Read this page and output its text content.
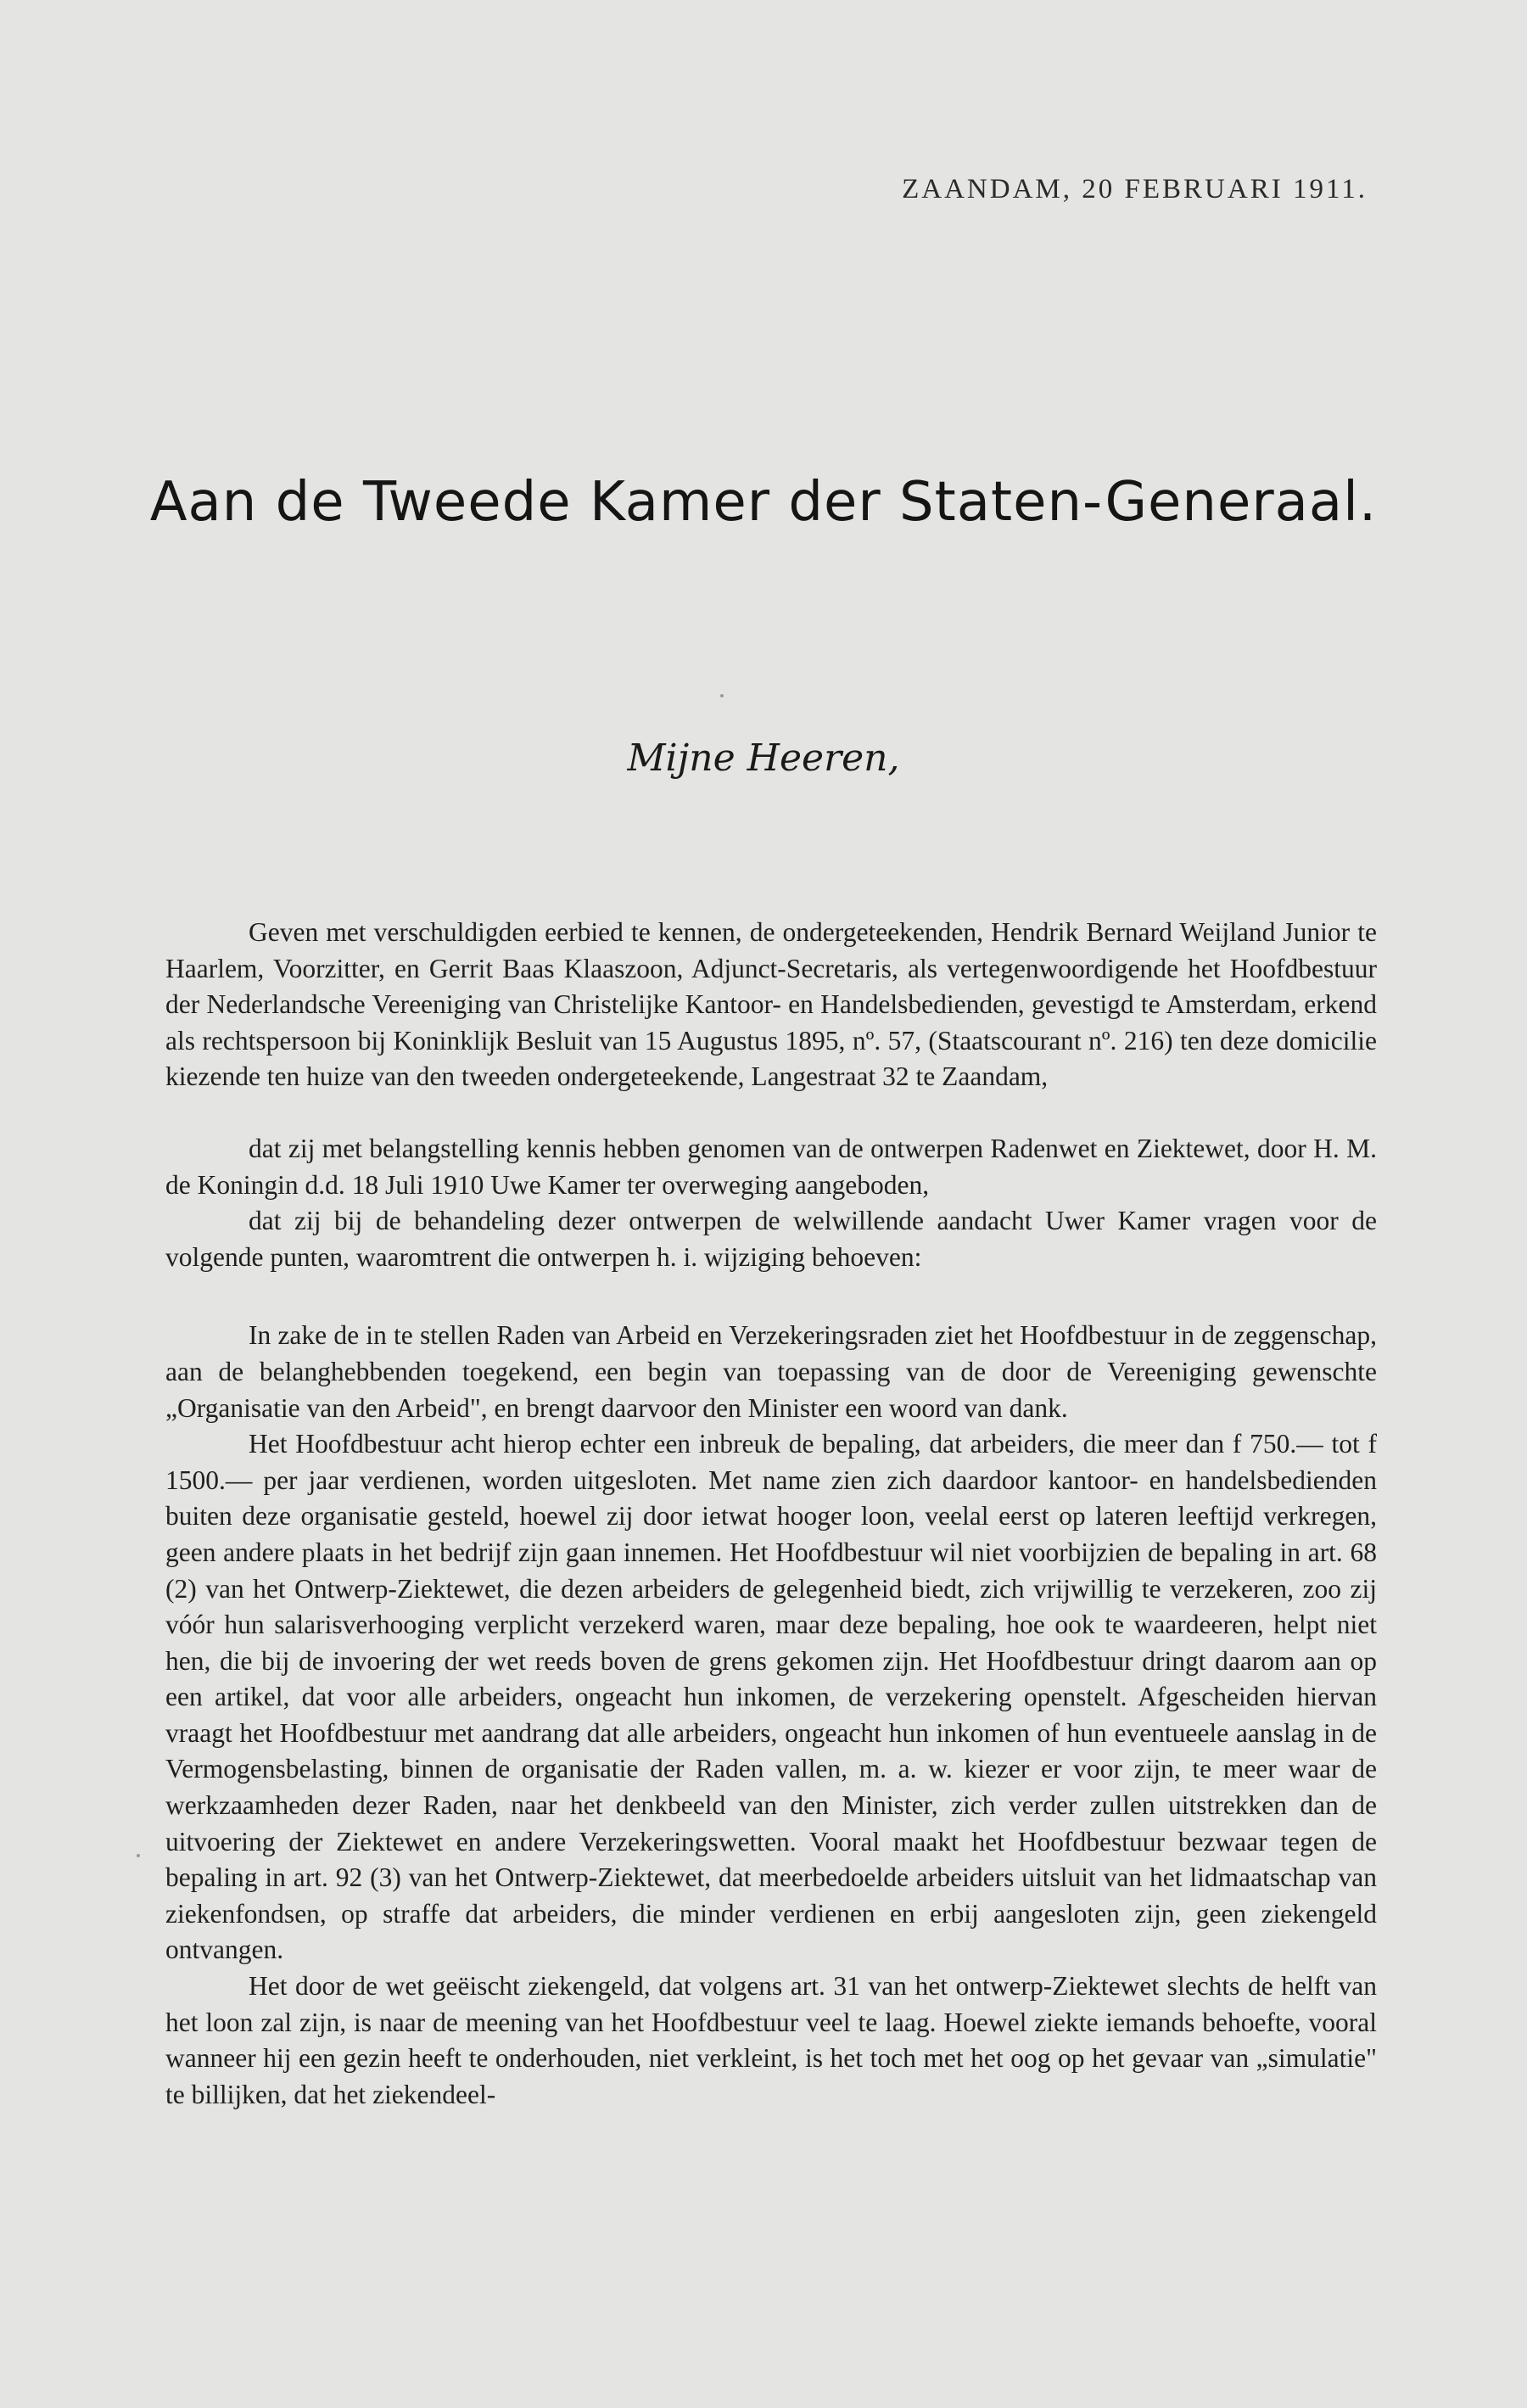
ZAANDAM, 20 FEBRUARI 1911.
Aan de Tweede Kamer der Staten-Generaal.
Mijne Heeren,

Geven met verschuldigden eerbied te kennen, de ondergeteekenden, Hendrik Bernard Weijland Junior te Haarlem, Voorzitter, en Gerrit Baas Klaaszoon, Adjunct-Secretaris, als vertegenwoordigende het Hoofdbestuur der Nederlandsche Vereeniging van Christelijke Kantoor- en Handelsbedienden, gevestigd te Amsterdam, erkend als rechtspersoon bij Koninklijk Besluit van 15 Augustus 1895, nº. 57, (Staatscourant nº. 216) ten deze domicilie kiezende ten huize van den tweeden ondergeteekende, Langestraat 32 te Zaandam,

dat zij met belangstelling kennis hebben genomen van de ontwerpen Radenwet en Ziektewet, door H. M. de Koningin d.d. 18 Juli 1910 Uwe Kamer ter overweging aangeboden,

dat zij bij de behandeling dezer ontwerpen de welwillende aandacht Uwer Kamer vragen voor de volgende punten, waaromtrent die ontwerpen h. i. wijziging behoeven:

In zake de in te stellen Raden van Arbeid en Verzekeringsraden ziet het Hoofdbestuur in de zeggenschap, aan de belanghebbenden toegekend, een begin van toepassing van de door de Vereeniging gewenschte „Organisatie van den Arbeid", en brengt daarvoor den Minister een woord van dank.

Het Hoofdbestuur acht hierop echter een inbreuk de bepaling, dat arbeiders, die meer dan f 750.— tot f 1500.— per jaar verdienen, worden uitgesloten. Met name zien zich daardoor kantoor- en handelsbedienden buiten deze organisatie gesteld, hoewel zij door ietwat hooger loon, veelal eerst op lateren leeftijd verkregen, geen andere plaats in het bedrijf zijn gaan innemen. Het Hoofdbestuur wil niet voorbijzien de bepaling in art. 68 (2) van het Ontwerp-Ziektewet, die dezen arbeiders de gelegenheid biedt, zich vrijwillig te verzekeren, zoo zij vóór hun salarisverhooging verplicht verzekerd waren, maar deze bepaling, hoe ook te waardeeren, helpt niet hen, die bij de invoering der wet reeds boven de grens gekomen zijn. Het Hoofdbestuur dringt daarom aan op een artikel, dat voor alle arbeiders, ongeacht hun inkomen, de verzekering openstelt. Afgescheiden hiervan vraagt het Hoofdbestuur met aandrang dat alle arbeiders, ongeacht hun inkomen of hun eventueele aanslag in de Vermogensbelasting, binnen de organisatie der Raden vallen, m. a. w. kiezer er voor zijn, te meer waar de werkzaamheden dezer Raden, naar het denkbeeld van den Minister, zich verder zullen uitstrekken dan de uitvoering der Ziektewet en andere Verzekeringswetten. Vooral maakt het Hoofdbestuur bezwaar tegen de bepaling in art. 92 (3) van het Ontwerp-Ziektewet, dat meerbedoelde arbeiders uitsluit van het lidmaatschap van ziekenfondsen, op straffe dat arbeiders, die minder verdienen en erbij aangesloten zijn, geen ziekengeld ontvangen.

Het door de wet geëischt ziekengeld, dat volgens art. 31 van het ontwerp-Ziektewet slechts de helft van het loon zal zijn, is naar de meening van het Hoofdbestuur veel te laag. Hoewel ziekte iemands behoefte, vooral wanneer hij een gezin heeft te onderhouden, niet verkleint, is het toch met het oog op het gevaar van „simulatie" te billijken, dat het ziekendeel-
